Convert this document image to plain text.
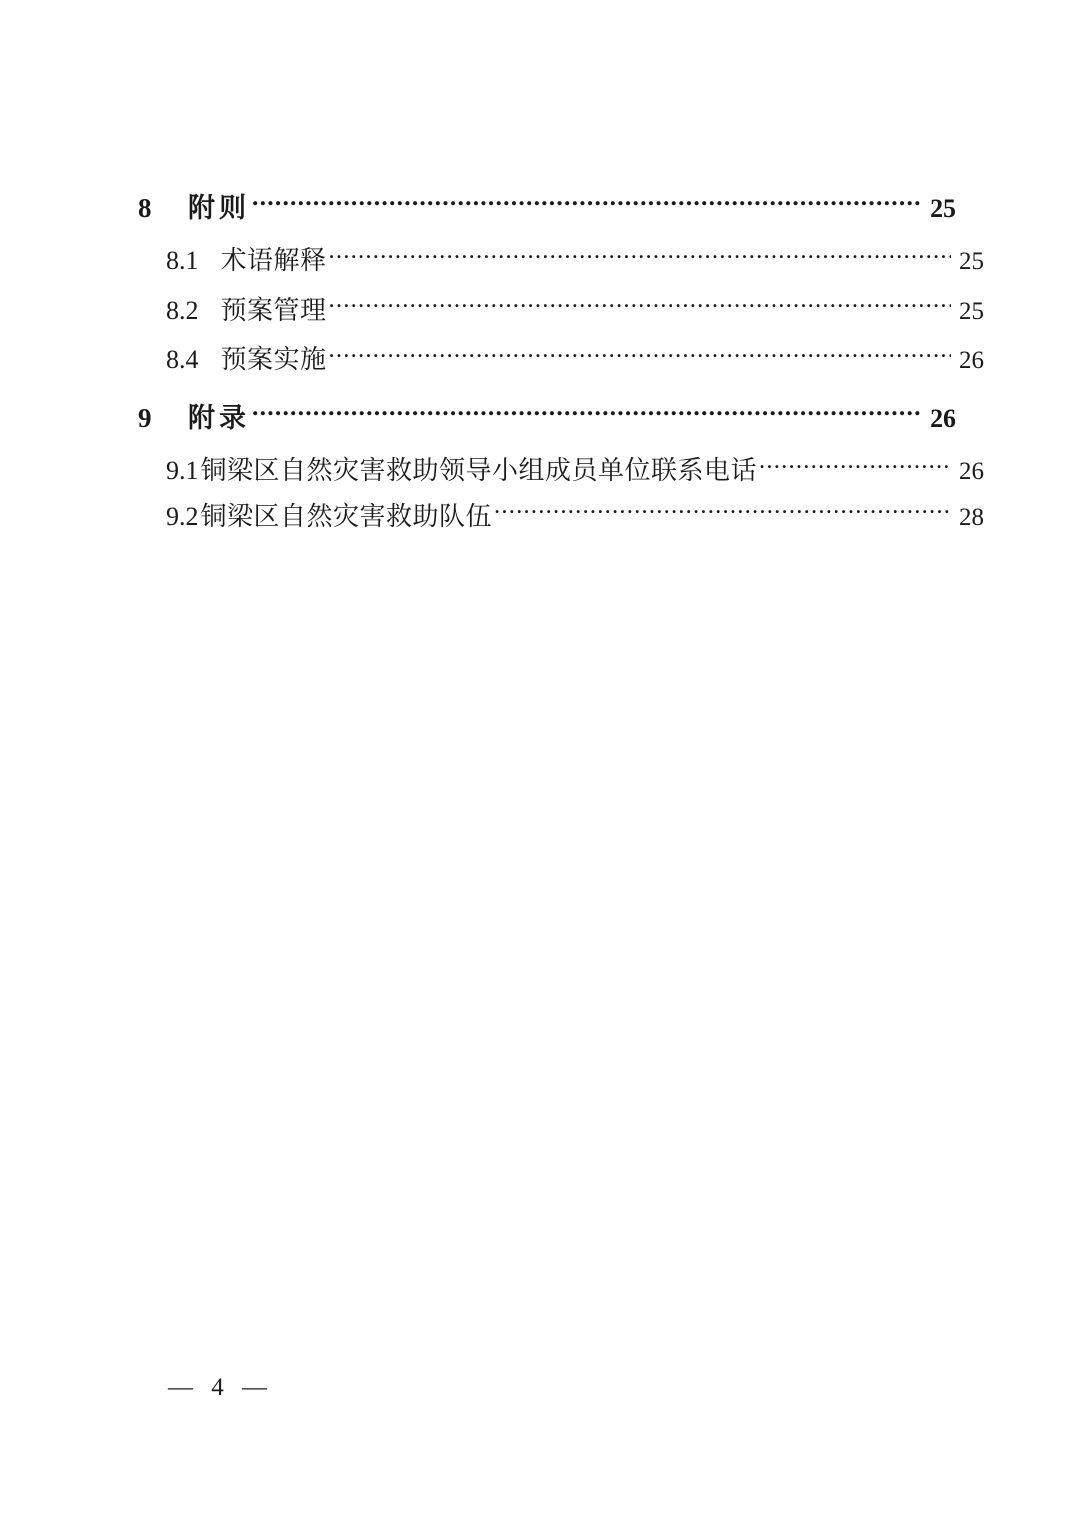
8	附则 .....	25
8.1 术语解释 .....	25
8.2 预案管理 .....	25
8.4 预案实施 .....	26
9	附录 .....	26
9.1 铜梁区自然灾害救助领导小组成员单位联系电话 .....	26
9.2 铜梁区自然灾害救助队伍 .....	28
— 4 —
